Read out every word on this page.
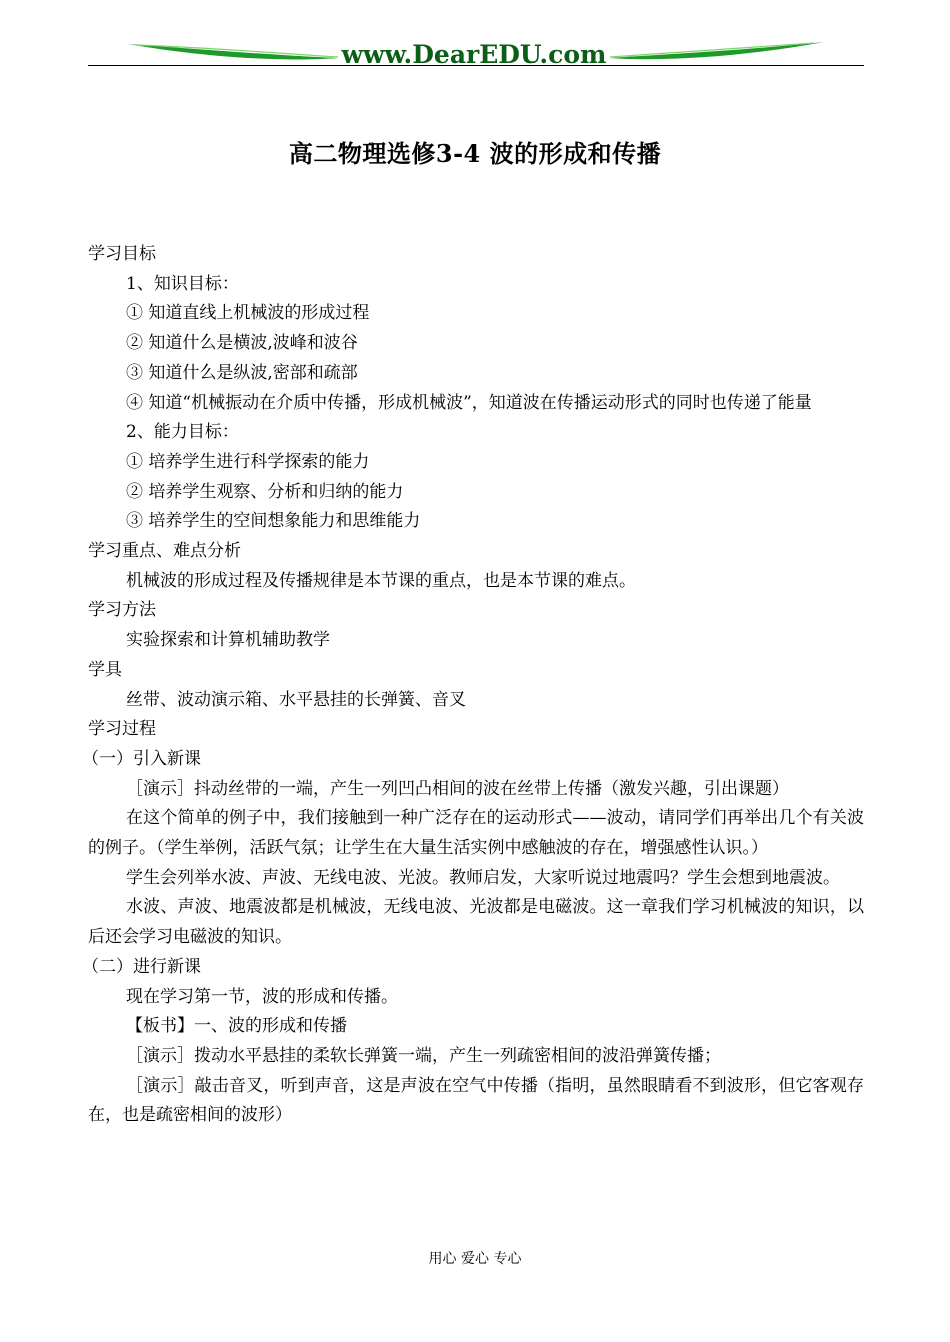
www.DearEDU.com
高二物理选修3-4 波的形成和传播

学习目标

1、知识目标：

① 知道直线上机械波的形成过程

② 知道什么是横波,波峰和波谷

③ 知道什么是纵波,密部和疏部

④ 知道“机械振动在介质中传播，形成机械波”，知道波在传播运动形式的同时也传递了能量

2、能力目标：

① 培养学生进行科学探索的能力

② 培养学生观察、分析和归纳的能力

③ 培养学生的空间想象能力和思维能力

学习重点、难点分析

机械波的形成过程及传播规律是本节课的重点，也是本节课的难点。

学习方法

实验探索和计算机辅助教学

学具

丝带、波动演示箱、水平悬挂的长弹簧、音叉

学习过程

（一）引入新课

［演示］抖动丝带的一端，产生一列凹凸相间的波在丝带上传播（激发兴趣，引出课题）

在这个简单的例子中，我们接触到一种广泛存在的运动形式——波动，请同学们再举出几个有关波的例子。（学生举例，活跃气氛；让学生在大量生活实例中感触波的存在，增强感性认识。）

学生会列举水波、声波、无线电波、光波。教师启发，大家听说过地震吗？学生会想到地震波。

水波、声波、地震波都是机械波，无线电波、光波都是电磁波。这一章我们学习机械波的知识，以后还会学习电磁波的知识。

（二）进行新课

现在学习第一节，波的形成和传播。

【板书】一、波的形成和传播

［演示］拨动水平悬挂的柔软长弹簧一端，产生一列疏密相间的波沿弹簧传播；

［演示］敲击音叉，听到声音，这是声波在空气中传播（指明，虽然眼睛看不到波形，但它客观存在，也是疏密相间的波形）

用心 爱心 专心
